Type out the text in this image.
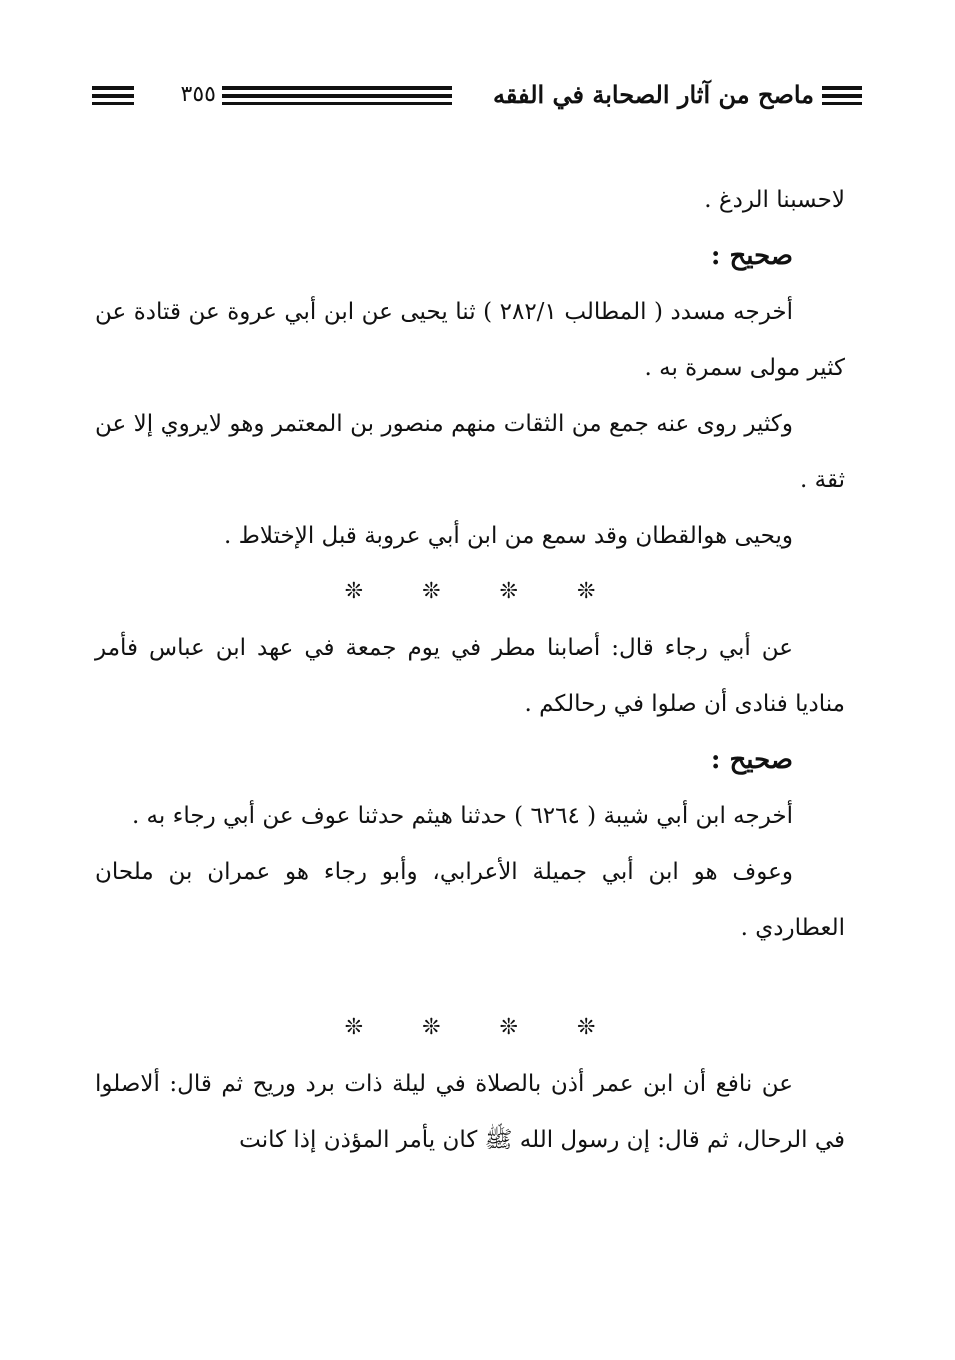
ماصح من آثار الصحابة في الفقه
٣٥٥

لاحسبنا الردغ .

صحيح :

أخرجه مسدد ( المطالب ٢٨٢/١ ) ثنا يحيى عن ابن أبي عروة عن قتادة عن كثير مولى سمرة به .

وكثير روى عنه جمع من الثقات منهم منصور بن المعتمر وهو لايروي إلا عن ثقة .

ويحيى هوالقطان وقد سمع من ابن أبي عروبة قبل الإختلاط .

❊	❊	❊	❊

عن أبي رجاء قال: أصابنا مطر في يوم جمعة في عهد ابن عباس فأمر مناديا فنادى أن صلوا في رحالكم .

صحيح :

أخرجه ابن أبي شيبة ( ٦٢٦٤ ) حدثنا هيثم حدثنا عوف عن أبي رجاء به .

وعوف هو ابن أبي جميلة الأعرابي، وأبو رجاء هو عمران بن ملحان العطاردي .

❊	❊	❊	❊

عن نافع أن ابن عمر أذن بالصلاة في ليلة ذات برد وريح ثم قال: ألاصلوا في الرحال، ثم قال: إن رسول الله ﷺ كان يأمر المؤذن إذا كانت
